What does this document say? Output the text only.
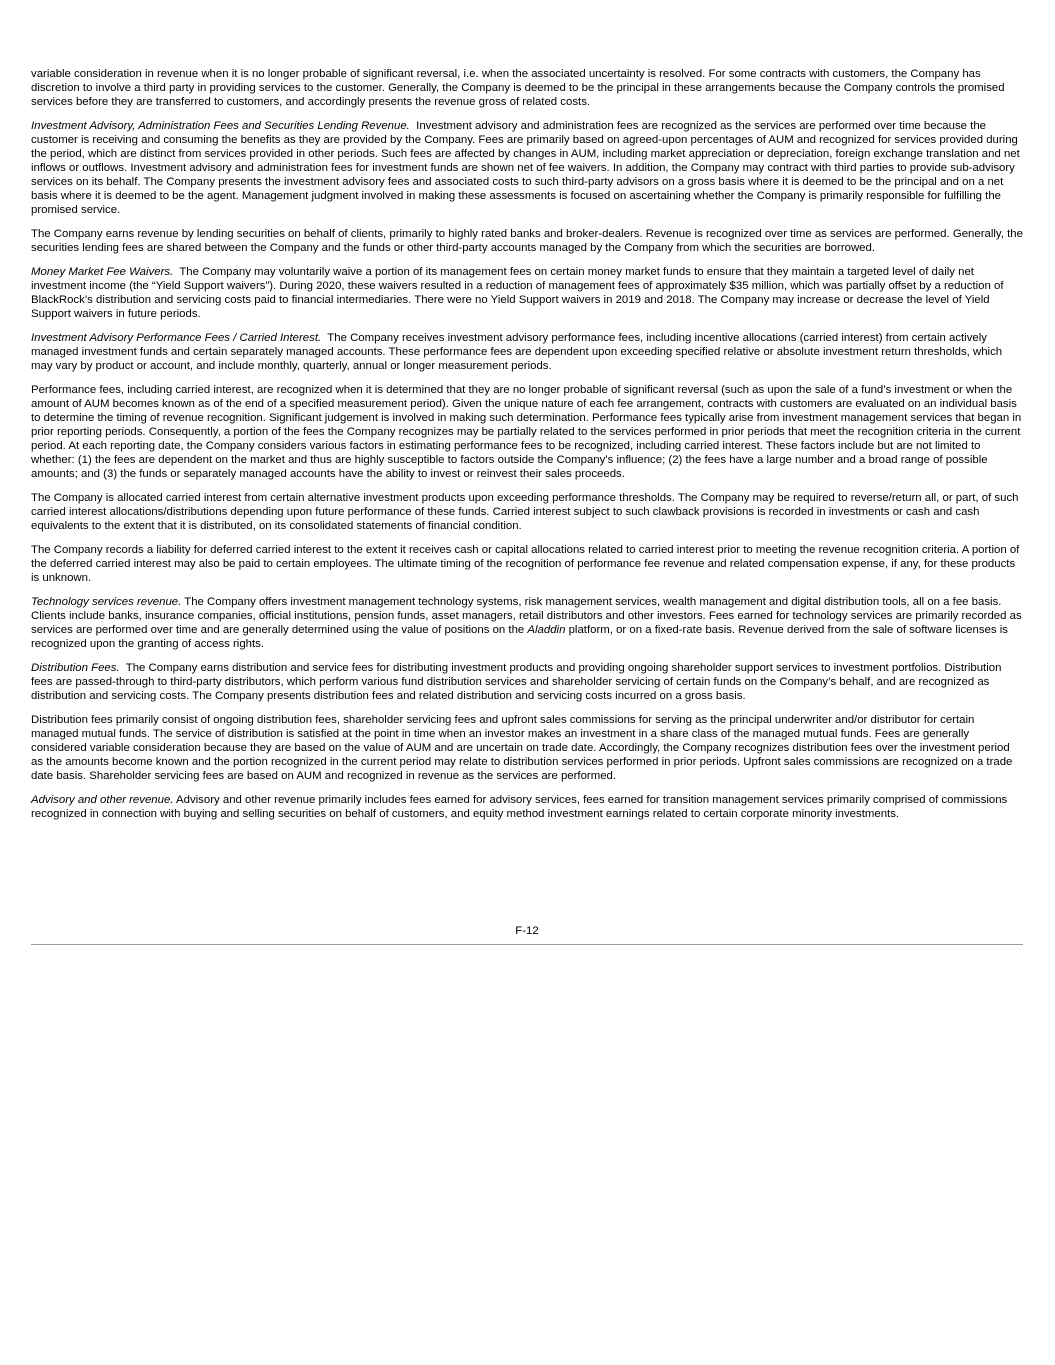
variable consideration in revenue when it is no longer probable of significant reversal, i.e. when the associated uncertainty is resolved. For some contracts with customers, the Company has discretion to involve a third party in providing services to the customer. Generally, the Company is deemed to be the principal in these arrangements because the Company controls the promised services before they are transferred to customers, and accordingly presents the revenue gross of related costs.

Investment Advisory, Administration Fees and Securities Lending Revenue. Investment advisory and administration fees are recognized as the services are performed over time because the customer is receiving and consuming the benefits as they are provided by the Company. Fees are primarily based on agreed-upon percentages of AUM and recognized for services provided during the period, which are distinct from services provided in other periods. Such fees are affected by changes in AUM, including market appreciation or depreciation, foreign exchange translation and net inflows or outflows. Investment advisory and administration fees for investment funds are shown net of fee waivers. In addition, the Company may contract with third parties to provide sub-advisory services on its behalf. The Company presents the investment advisory fees and associated costs to such third-party advisors on a gross basis where it is deemed to be the principal and on a net basis where it is deemed to be the agent. Management judgment involved in making these assessments is focused on ascertaining whether the Company is primarily responsible for fulfilling the promised service.

The Company earns revenue by lending securities on behalf of clients, primarily to highly rated banks and broker-dealers. Revenue is recognized over time as services are performed. Generally, the securities lending fees are shared between the Company and the funds or other third-party accounts managed by the Company from which the securities are borrowed.

Money Market Fee Waivers. The Company may voluntarily waive a portion of its management fees on certain money market funds to ensure that they maintain a targeted level of daily net investment income (the “Yield Support waivers”). During 2020, these waivers resulted in a reduction of management fees of approximately $35 million, which was partially offset by a reduction of BlackRock’s distribution and servicing costs paid to financial intermediaries. There were no Yield Support waivers in 2019 and 2018. The Company may increase or decrease the level of Yield Support waivers in future periods.

Investment Advisory Performance Fees / Carried Interest. The Company receives investment advisory performance fees, including incentive allocations (carried interest) from certain actively managed investment funds and certain separately managed accounts. These performance fees are dependent upon exceeding specified relative or absolute investment return thresholds, which may vary by product or account, and include monthly, quarterly, annual or longer measurement periods.

Performance fees, including carried interest, are recognized when it is determined that they are no longer probable of significant reversal (such as upon the sale of a fund’s investment or when the amount of AUM becomes known as of the end of a specified measurement period). Given the unique nature of each fee arrangement, contracts with customers are evaluated on an individual basis to determine the timing of revenue recognition. Significant judgement is involved in making such determination. Performance fees typically arise from investment management services that began in prior reporting periods. Consequently, a portion of the fees the Company recognizes may be partially related to the services performed in prior periods that meet the recognition criteria in the current period. At each reporting date, the Company considers various factors in estimating performance fees to be recognized, including carried interest. These factors include but are not limited to whether: (1) the fees are dependent on the market and thus are highly susceptible to factors outside the Company’s influence; (2) the fees have a large number and a broad range of possible amounts; and (3) the funds or separately managed accounts have the ability to invest or reinvest their sales proceeds.

The Company is allocated carried interest from certain alternative investment products upon exceeding performance thresholds. The Company may be required to reverse/return all, or part, of such carried interest allocations/distributions depending upon future performance of these funds. Carried interest subject to such clawback provisions is recorded in investments or cash and cash equivalents to the extent that it is distributed, on its consolidated statements of financial condition.

The Company records a liability for deferred carried interest to the extent it receives cash or capital allocations related to carried interest prior to meeting the revenue recognition criteria. A portion of the deferred carried interest may also be paid to certain employees. The ultimate timing of the recognition of performance fee revenue and related compensation expense, if any, for these products is unknown.

Technology services revenue. The Company offers investment management technology systems, risk management services, wealth management and digital distribution tools, all on a fee basis. Clients include banks, insurance companies, official institutions, pension funds, asset managers, retail distributors and other investors. Fees earned for technology services are primarily recorded as services are performed over time and are generally determined using the value of positions on the Aladdin platform, or on a fixed-rate basis. Revenue derived from the sale of software licenses is recognized upon the granting of access rights.

Distribution Fees. The Company earns distribution and service fees for distributing investment products and providing ongoing shareholder support services to investment portfolios. Distribution fees are passed-through to third-party distributors, which perform various fund distribution services and shareholder servicing of certain funds on the Company’s behalf, and are recognized as distribution and servicing costs. The Company presents distribution fees and related distribution and servicing costs incurred on a gross basis.

Distribution fees primarily consist of ongoing distribution fees, shareholder servicing fees and upfront sales commissions for serving as the principal underwriter and/or distributor for certain managed mutual funds. The service of distribution is satisfied at the point in time when an investor makes an investment in a share class of the managed mutual funds. Fees are generally considered variable consideration because they are based on the value of AUM and are uncertain on trade date. Accordingly, the Company recognizes distribution fees over the investment period as the amounts become known and the portion recognized in the current period may relate to distribution services performed in prior periods. Upfront sales commissions are recognized on a trade date basis. Shareholder servicing fees are based on AUM and recognized in revenue as the services are performed.

Advisory and other revenue. Advisory and other revenue primarily includes fees earned for advisory services, fees earned for transition management services primarily comprised of commissions recognized in connection with buying and selling securities on behalf of customers, and equity method investment earnings related to certain corporate minority investments.

F-12
